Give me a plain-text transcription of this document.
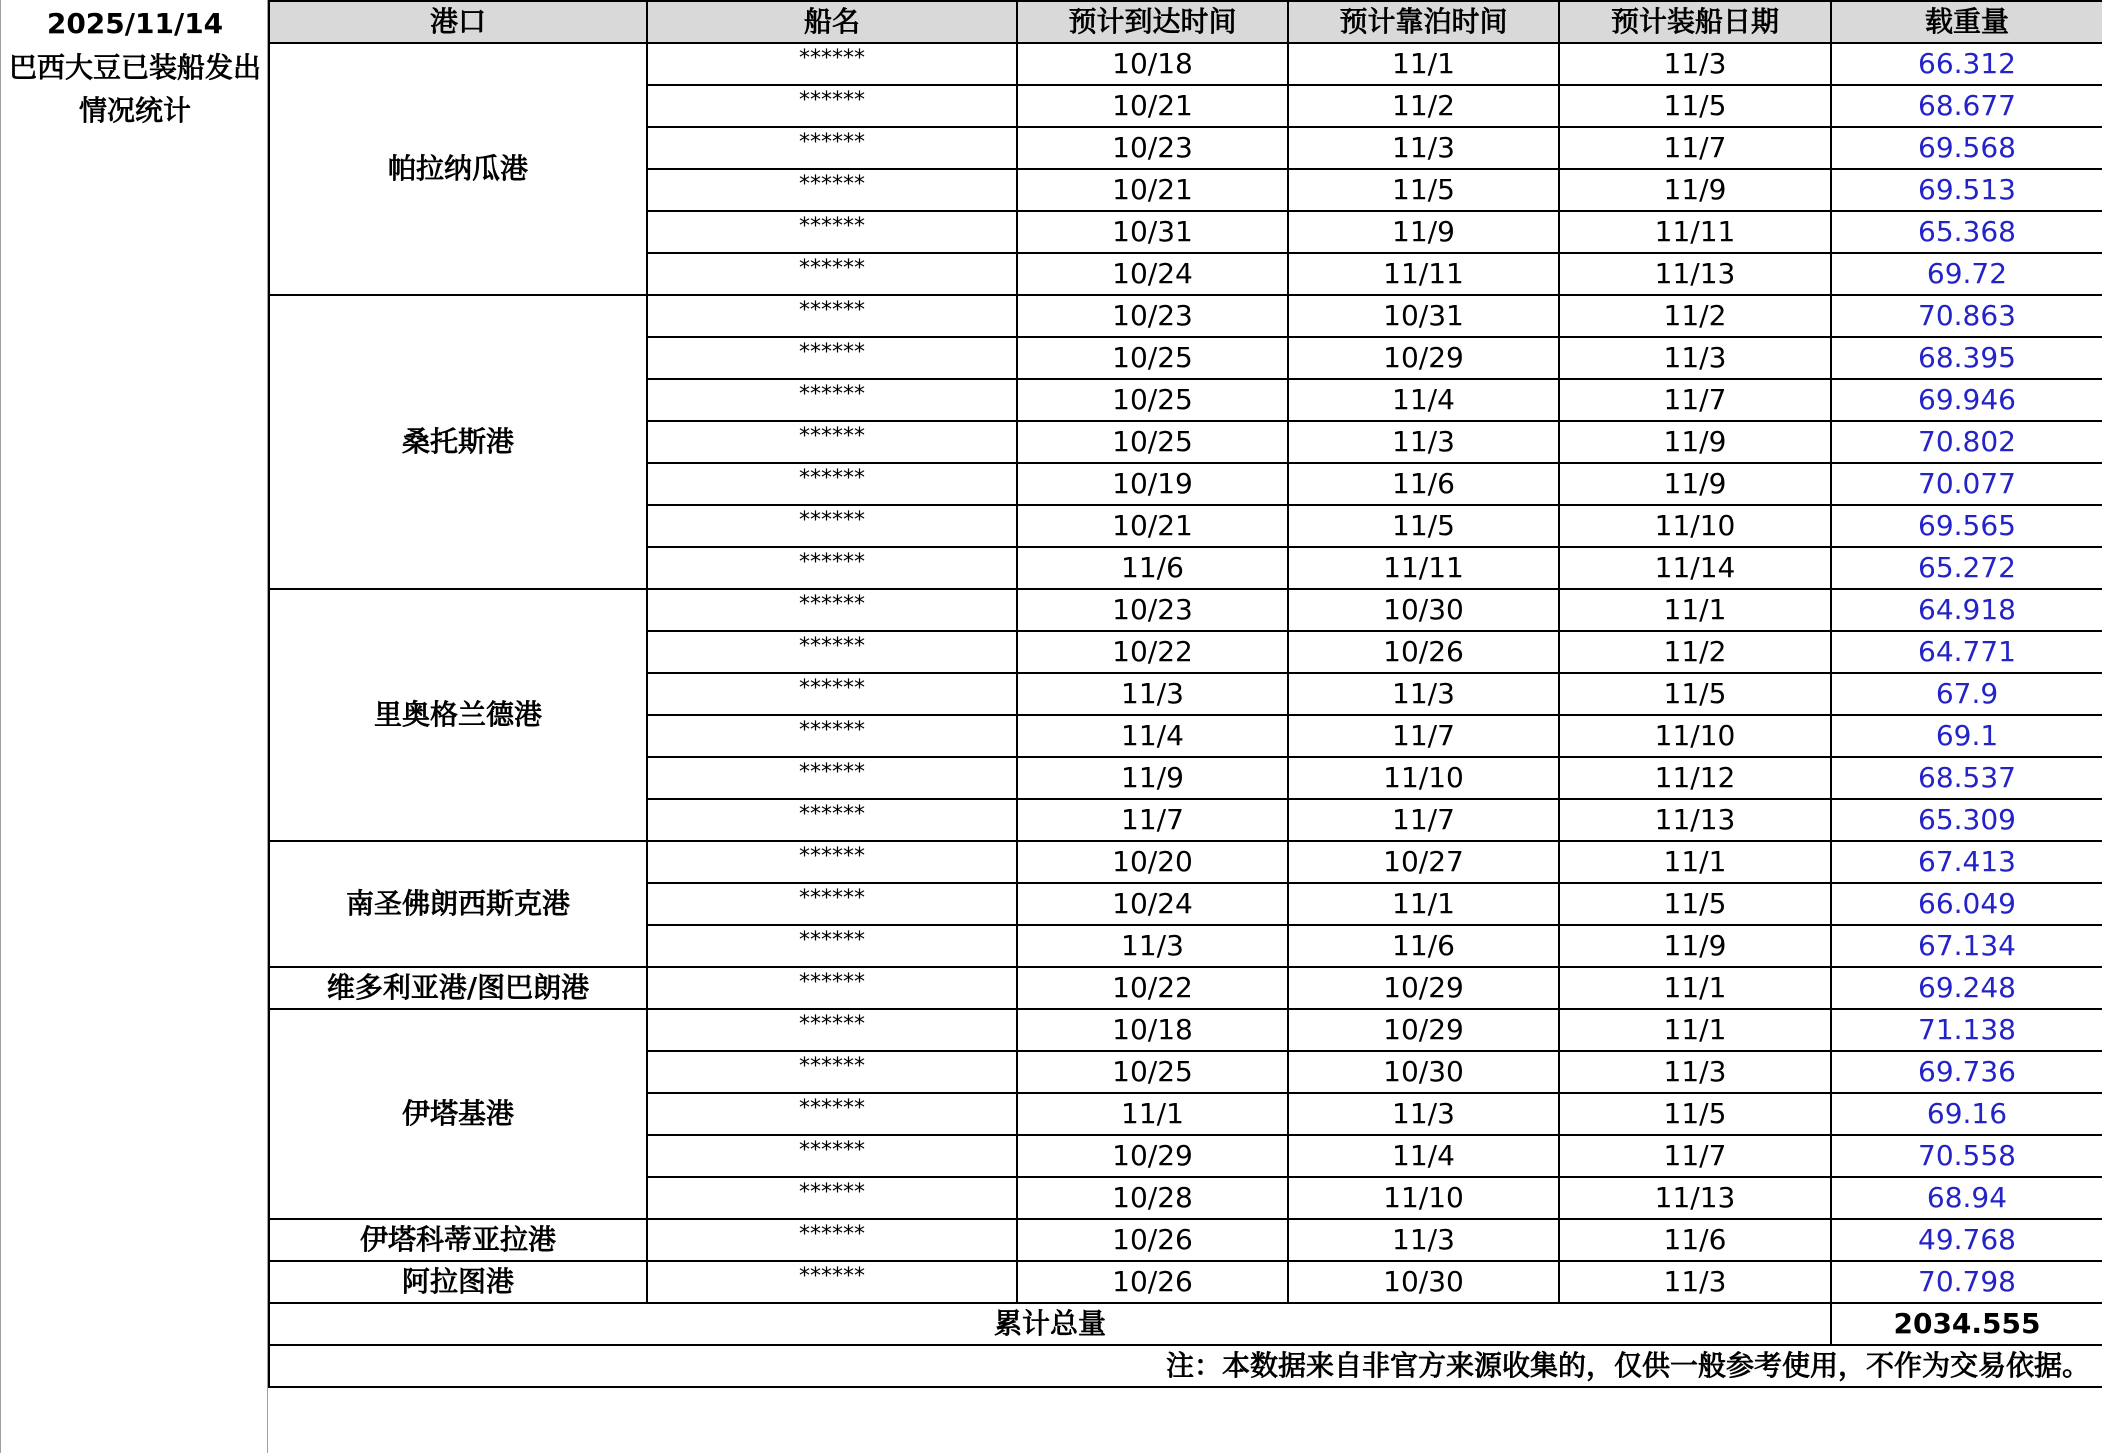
2025/11/14
巴西大豆已装船发出情况统计
港口	船名	预计到达时间	预计靠泊时间	预计装船日期	载重量
帕拉纳瓜港	******	10/18	11/1	11/3	66.312
	******	10/21	11/2	11/5	68.677
	******	10/23	11/3	11/7	69.568
	******	10/21	11/5	11/9	69.513
	******	10/31	11/9	11/11	65.368
	******	10/24	11/11	11/13	69.72
桑托斯港	******	10/23	10/31	11/2	70.863
	******	10/25	10/29	11/3	68.395
	******	10/25	11/4	11/7	69.946
	******	10/25	11/3	11/9	70.802
	******	10/19	11/6	11/9	70.077
	******	10/21	11/5	11/10	69.565
	******	11/6	11/11	11/14	65.272
里奥格兰德港	******	10/23	10/30	11/1	64.918
	******	10/22	10/26	11/2	64.771
	******	11/3	11/3	11/5	67.9
	******	11/4	11/7	11/10	69.1
	******	11/9	11/10	11/12	68.537
	******	11/7	11/7	11/13	65.309
南圣佛朗西斯克港	******	10/20	10/27	11/1	67.413
	******	10/24	11/1	11/5	66.049
	******	11/3	11/6	11/9	67.134
维多利亚港/图巴朗港	******	10/22	10/29	11/1	69.248
伊塔基港	******	10/18	10/29	11/1	71.138
	******	10/25	10/30	11/3	69.736
	******	11/1	11/3	11/5	69.16
	******	10/29	11/4	11/7	70.558
	******	10/28	11/10	11/13	68.94
伊塔科蒂亚拉港	******	10/26	11/3	11/6	49.768
阿拉图港	******	10/26	10/30	11/3	70.798
累计总量					2034.555
注：本数据来自非官方来源收集的，仅供一般参考使用，不作为交易依据。					
